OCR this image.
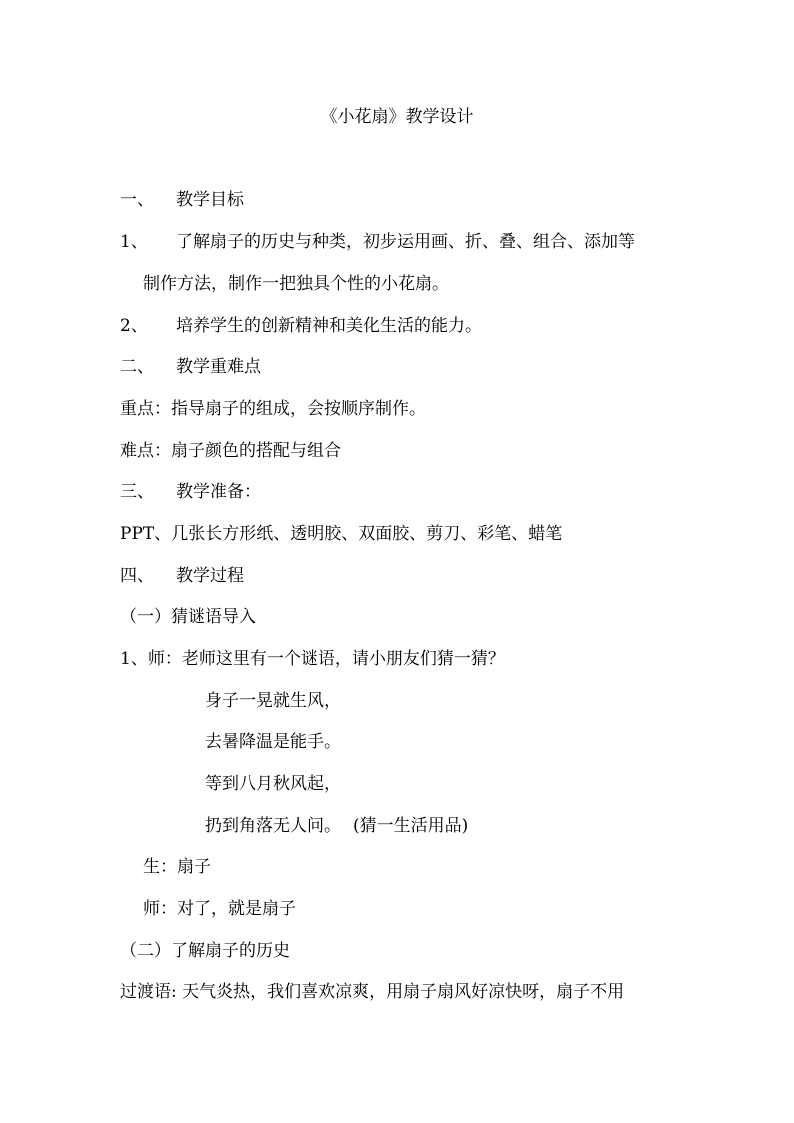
《小花扇》教学设计
一、 教学目标
1、 了解扇子的历史与种类，初步运用画、折、叠、组合、添加等
制作方法，制作一把独具个性的小花扇。
2、 培养学生的创新精神和美化生活的能力。
二、 教学重难点
重点：指导扇子的组成，会按顺序制作。
难点：扇子颜色的搭配与组合
三、 教学准备：
PPT、几张长方形纸、透明胶、双面胶、剪刀、彩笔、蜡笔
四、 教学过程
（一）猜谜语导入
1、师：老师这里有一个谜语，请小朋友们猜一猜？
身子一晃就生风，
去暑降温是能手。
等到八月秋风起，
扔到角落无人问。 (猜一生活用品)
生：扇子
师：对了，就是扇子
（二）了解扇子的历史
过渡语: 天气炎热，我们喜欢凉爽，用扇子扇风好凉快呀，扇子不用
